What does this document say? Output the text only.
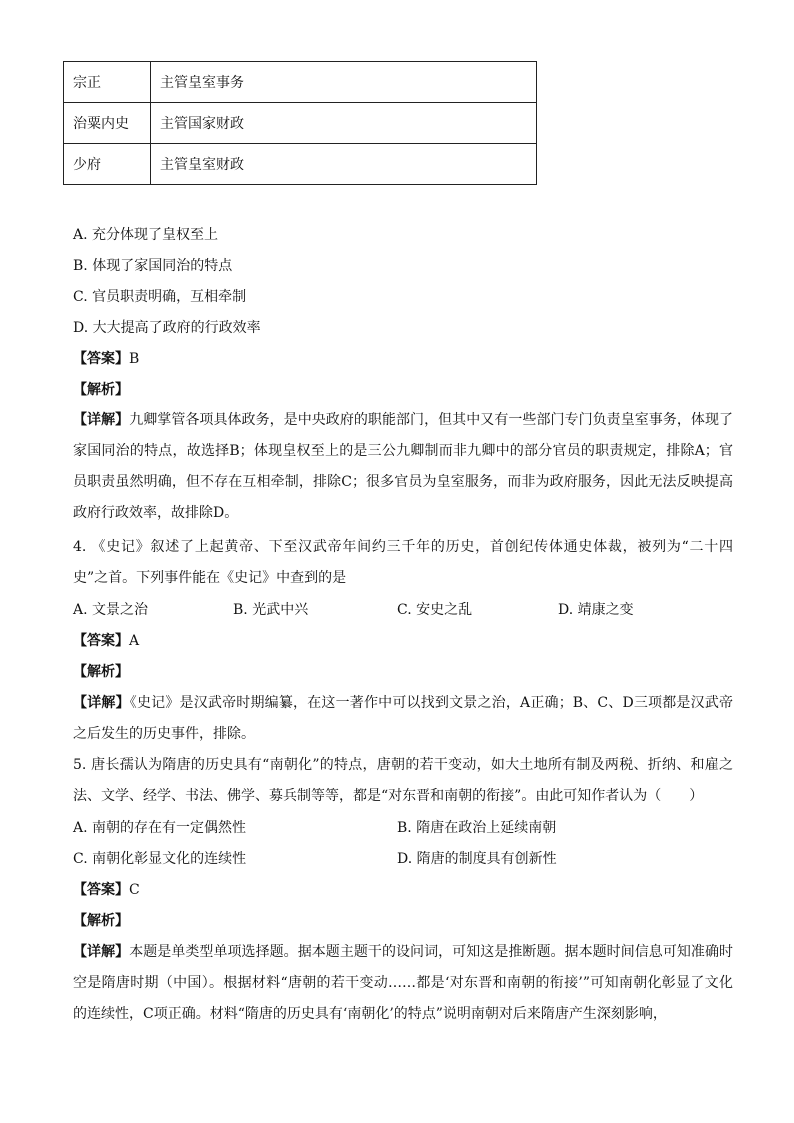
宗正	主管皇室事务
治粟内史	主管国家财政
少府	主管皇室财政
A. 充分体现了皇权至上
B. 体现了家国同治的特点
C. 官员职责明确，互相牵制
D. 大大提高了政府的行政效率
【答案】B
【解析】
【详解】九卿掌管各项具体政务，是中央政府的职能部门，但其中又有一些部门专门负责皇室事务，体现了家国同治的特点，故选择B；体现皇权至上的是三公九卿制而非九卿中的部分官员的职责规定，排除A；官员职责虽然明确，但不存在互相牵制，排除C；很多官员为皇室服务，而非为政府服务，因此无法反映提高政府行政效率，故排除D。
4. 《史记》叙述了上起黄帝、下至汉武帝年间约三千年的历史，首创纪传体通史体裁，被列为“二十四史”之首。下列事件能在《史记》中查到的是
A. 文景之治	B. 光武中兴	C. 安史之乱	D. 靖康之变
【答案】A
【解析】
【详解】《史记》是汉武帝时期编纂，在这一著作中可以找到文景之治，A正确；B、C、D三项都是汉武帝之后发生的历史事件，排除。
5. 唐长孺认为隋唐的历史具有“南朝化”的特点，唐朝的若干变动，如大土地所有制及两税、折纳、和雇之法、文学、经学、书法、佛学、募兵制等等，都是“对东晋和南朝的衔接”。由此可知作者认为（　　）
A. 南朝的存在有一定偶然性	B. 隋唐在政治上延续南朝
C. 南朝化彰显文化的连续性	D. 隋唐的制度具有创新性
【答案】C
【解析】
【详解】本题是单类型单项选择题。据本题主题干的设问词，可知这是推断题。据本题时间信息可知准确时空是隋唐时期（中国）。根据材料“唐朝的若干变动……都是‘对东晋和南朝的衔接’”可知南朝化彰显了文化的连续性，C项正确。材料“隋唐的历史具有‘南朝化’的特点”说明南朝对后来隋唐产生深刻影响，
